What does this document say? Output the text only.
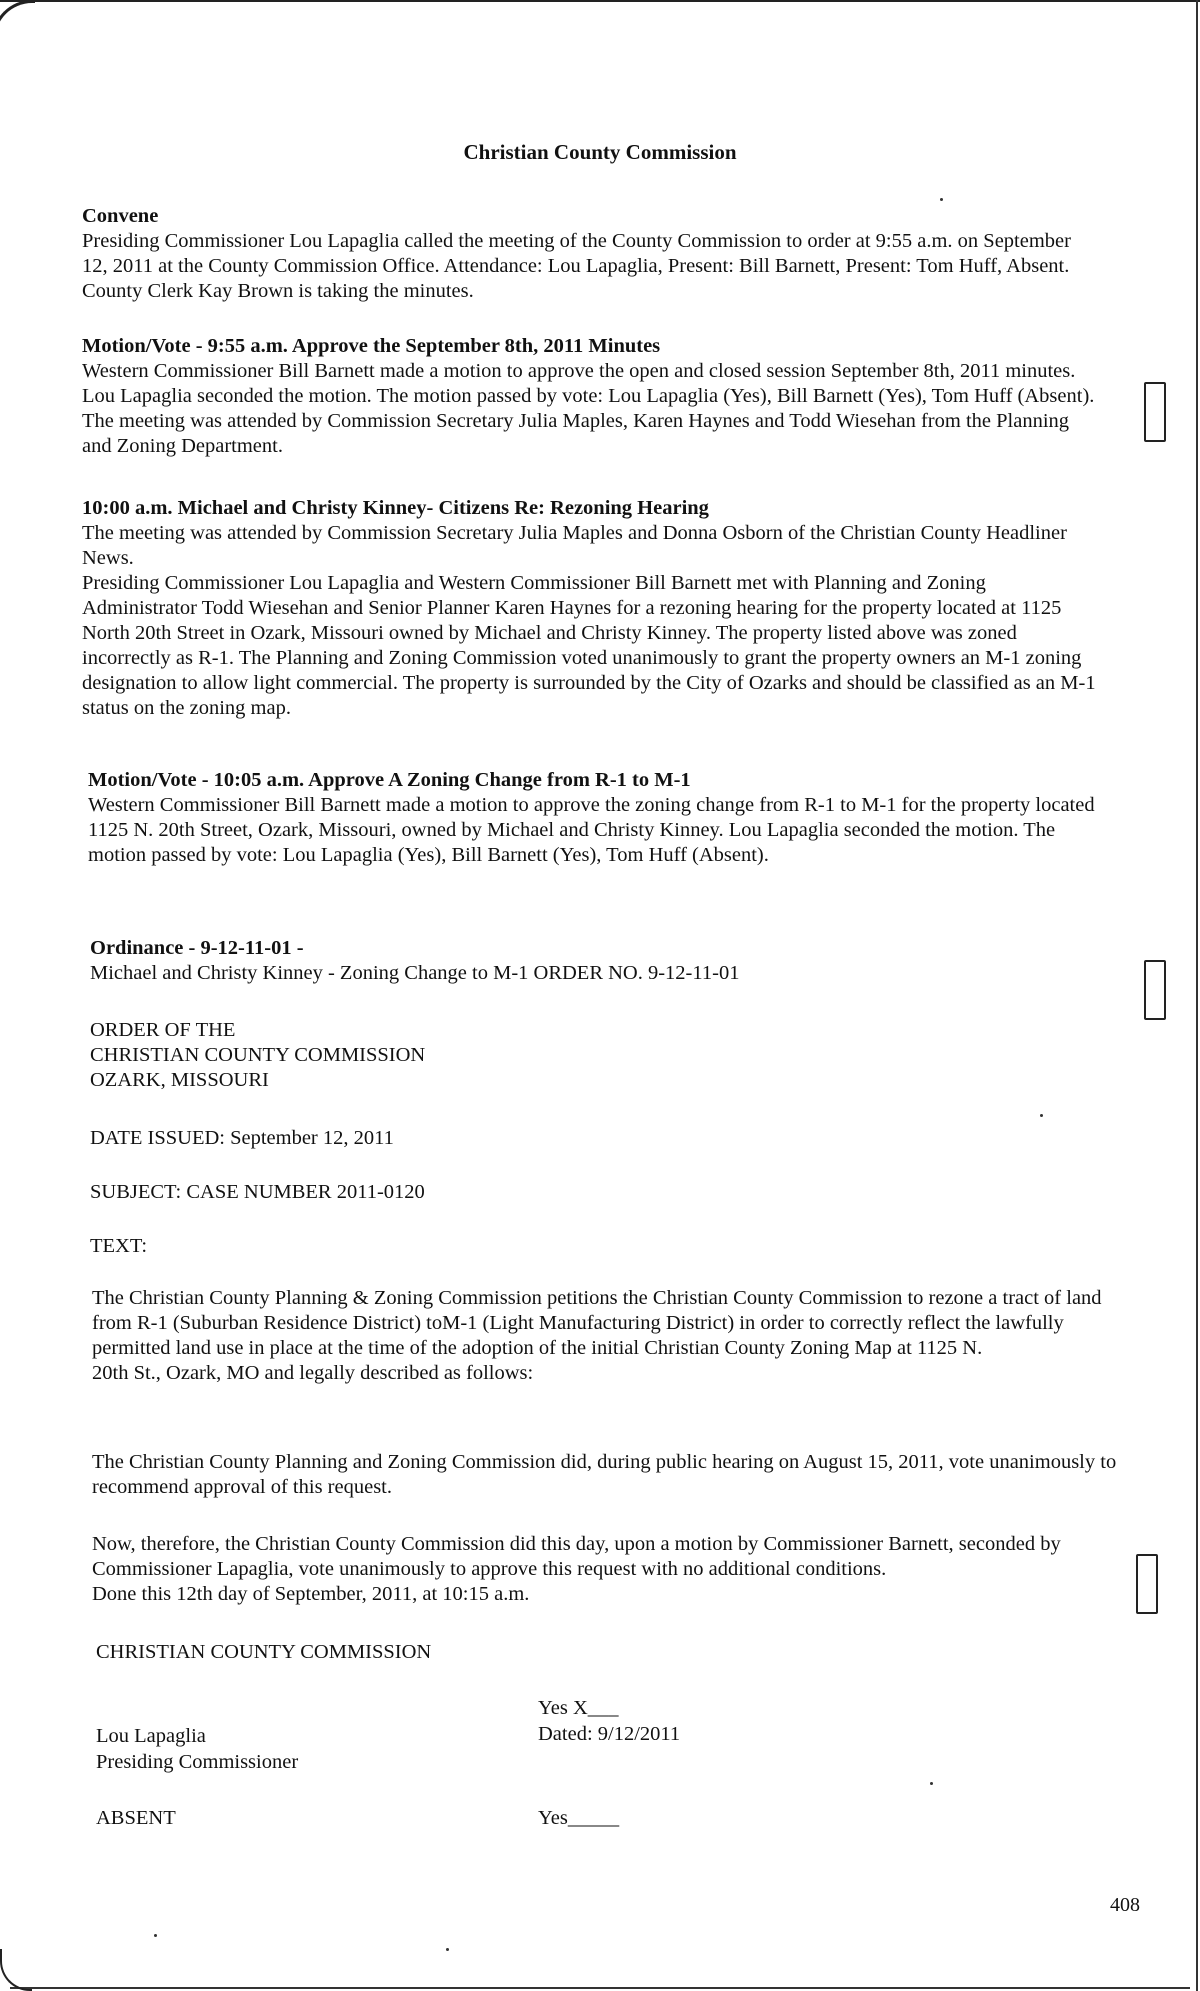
Christian County Commission
Convene

Presiding Commissioner Lou Lapaglia called the meeting of the County Commission to order at 9:55 a.m. on September 12, 2011 at the County Commission Office. Attendance: Lou Lapaglia, Present: Bill Barnett, Present: Tom Huff, Absent. County Clerk Kay Brown is taking the minutes.

Motion/Vote - 9:55 a.m. Approve the September 8th, 2011 Minutes

Western Commissioner Bill Barnett made a motion to approve the open and closed session September 8th, 2011 minutes. Lou Lapaglia seconded the motion. The motion passed by vote: Lou Lapaglia (Yes), Bill Barnett (Yes), Tom Huff (Absent). The meeting was attended by Commission Secretary Julia Maples, Karen Haynes and Todd Wiesehan from the Planning and Zoning Department.

10:00 a.m. Michael and Christy Kinney- Citizens Re: Rezoning Hearing

The meeting was attended by Commission Secretary Julia Maples and Donna Osborn of the Christian County Headliner News.

Presiding Commissioner Lou Lapaglia and Western Commissioner Bill Barnett met with Planning and Zoning Administrator Todd Wiesehan and Senior Planner Karen Haynes for a rezoning hearing for the property located at 1125 North 20th Street in Ozark, Missouri owned by Michael and Christy Kinney. The property listed above was zoned incorrectly as R-1. The Planning and Zoning Commission voted unanimously to grant the property owners an M-1 zoning designation to allow light commercial. The property is surrounded by the City of Ozarks and should be classified as an M-1 status on the zoning map.

Motion/Vote - 10:05 a.m. Approve A Zoning Change from R-1 to M-1

Western Commissioner Bill Barnett made a motion to approve the zoning change from R-1 to M-1 for the property located 1125 N. 20th Street, Ozark, Missouri, owned by Michael and Christy Kinney. Lou Lapaglia seconded the motion. The motion passed by vote: Lou Lapaglia (Yes), Bill Barnett (Yes), Tom Huff (Absent).

Ordinance - 9-12-11-01 -
Michael and Christy Kinney - Zoning Change to M-1 ORDER NO. 9-12-11-01
ORDER OF THE
CHRISTIAN COUNTY COMMISSION
OZARK, MISSOURI
DATE ISSUED: September 12, 2011
SUBJECT: CASE NUMBER 2011-0120
TEXT:

The Christian County Planning & Zoning Commission petitions the Christian County Commission to rezone a tract of land from R-1 (Suburban Residence District) toM-1 (Light Manufacturing District) in order to correctly reflect the lawfully permitted land use in place at the time of the adoption of the initial Christian County Zoning Map at 1125 N.

20th St., Ozark, MO and legally described as follows:

The Christian County Planning and Zoning Commission did, during public hearing on August 15, 2011, vote unanimously to recommend approval of this request.

Now, therefore, the Christian County Commission did this day, upon a motion by Commissioner Barnett, seconded by Commissioner Lapaglia, vote unanimously to approve this request with no additional conditions.

Done this 12th day of September, 2011, at 10:15 a.m.

CHRISTIAN COUNTY COMMISSION
Yes X___
Dated: 9/12/2011
Lou Lapaglia
Presiding Commissioner
ABSENT	Yes_____
408
